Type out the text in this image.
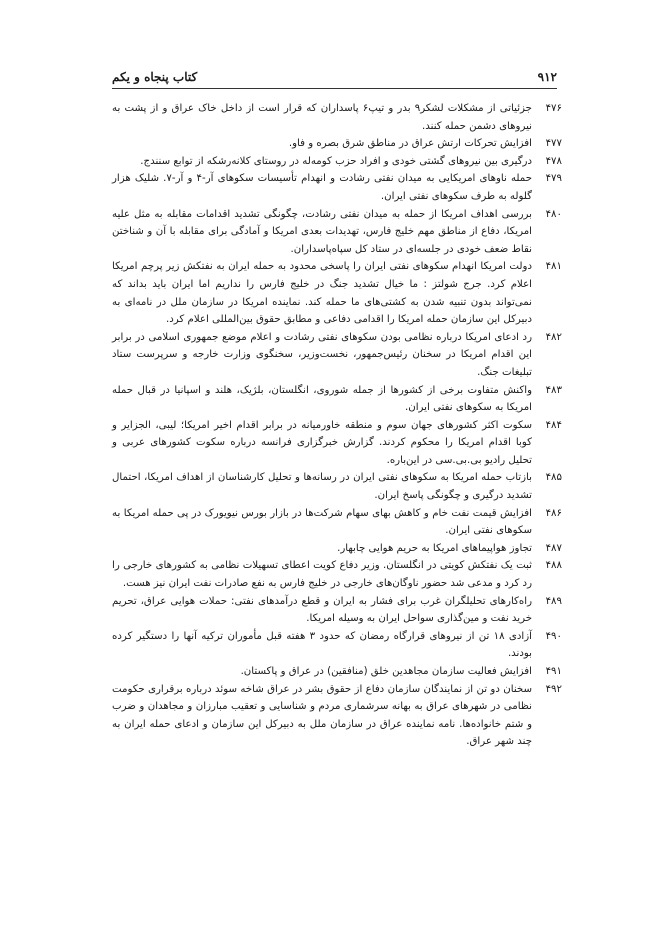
۹۱۲
کتاب پنجاه و یکم
۴۷۶
جزئیاتی از مشکلات لشکر۹ بدر و تیپ۶ پاسداران که قرار است از داخل خاک عراق و از پشت به نیروهای دشمن حمله کنند.
۴۷۷
افزایش تحرکات ارتش عراق در مناطق شرق بصره و فاو.
۴۷۸
درگیری بین نیروهای گشتی خودی و افراد حزب کومه‌له در روستای کلانه‌رشکه از توابع سنندج.
۴۷۹
حمله ناوهای امریکایی به میدان نفتی رشادت و انهدام تأسیسات سکوهای آر-۴ و آر-۷. شلیک هزار گلوله به طرف سکوهای نفتی ایران.
۴۸۰
بررسی اهداف امریکا از حمله به میدان نفتی رشادت، چگونگی تشدید اقدامات مقابله به مثل علیه امریکا، دفاع از مناطق مهم خلیج فارس، تهدیدات بعدی امریکا و آمادگی برای مقابله با آن و شناختن نقاط ضعف خودی در جلسه‌ای در ستاد کل سپاه‌پاسداران.
۴۸۱
دولت امریکا انهدام سکوهای نفتی ایران را پاسخی محدود به حمله ایران به نفتکش زیر پرچم امریکا اعلام کرد. جرج شولتز : ما خیال تشدید جنگ در خلیج فارس را نداریم اما ایران باید بداند که نمی‌تواند بدون تنبیه شدن به کشتی‌های ما حمله کند. نماینده امریکا در سازمان ملل در نامه‌ای به دبیرکل این سازمان حمله امریکا را اقدامی دفاعی و مطابق حقوق بین‌المللی اعلام کرد.
۴۸۲
رد ادعای امریکا درباره نظامی بودن سکوهای نفتی رشادت و اعلام موضع جمهوری اسلامی در برابر این اقدام امریکا در سخنان رئیس‌جمهور، نخست‌وزیر، سخنگوی وزارت خارجه و سرپرست ستاد تبلیغات جنگ.
۴۸۳
واکنش متفاوت برخی از کشورها از جمله شوروی، انگلستان، بلژیک، هلند و اسپانیا در قبال حمله امریکا به سکوهای نفتی ایران.
۴۸۴
سکوت اکثر کشورهای جهان سوم و منطقه خاورمیانه در برابر اقدام اخیر امریکا؛ لیبی، الجزایر و کوبا اقدام امریکا را محکوم کردند. گزارش خبرگزاری فرانسه درباره سکوت کشورهای عربی و تحلیل رادیو بی.بی.سی در این‌باره.
۴۸۵
بازتاب حمله امریکا به سکوهای نفتی ایران در رسانه‌ها و تحلیل کارشناسان از اهداف امریکا، احتمال تشدید درگیری و چگونگی پاسخ ایران.
۴۸۶
افزایش قیمت نفت خام و کاهش بهای سهام شرکت‌ها در بازار بورس نیویورک در پی حمله امریکا به سکوهای نفتی ایران.
۴۸۷
تجاوز هواپیماهای امریکا به حریم هوایی چابهار.
۴۸۸
ثبت یک نفتکش کویتی در انگلستان. وزیر دفاع کویت اعطای تسهیلات نظامی به کشورهای خارجی را رد کرد و مدعی شد حضور ناوگان‌های خارجی در خلیج فارس به نفع صادرات نفت ایران نیز هست.
۴۸۹
راه‌کارهای تحلیلگران غرب برای فشار به ایران و قطع درآمدهای نفتی: حملات هوایی عراق، تحریم خرید نفت و مین‌گذاری سواحل ایران به وسیله امریکا.
۴۹۰
آزادی ۱۸ تن از نیروهای قرارگاه رمضان که حدود ۳ هفته قبل مأموران ترکیه آنها را دستگیر کرده بودند.
۴۹۱
افزایش فعالیت سازمان مجاهدین خلق (منافقین) در عراق و پاکستان.
۴۹۲
سخنان دو تن از نمایندگان سازمان دفاع از حقوق بشر در عراق شاخه سوئد درباره برقراری حکومت نظامی در شهرهای عراق به بهانه سرشماری مردم و شناسایی و تعقیب مبارزان و مجاهدان و ضرب و شتم خانواده‌ها. نامه نماینده عراق در سازمان ملل به دبیرکل این سازمان و ادعای حمله ایران به چند شهر عراق.
